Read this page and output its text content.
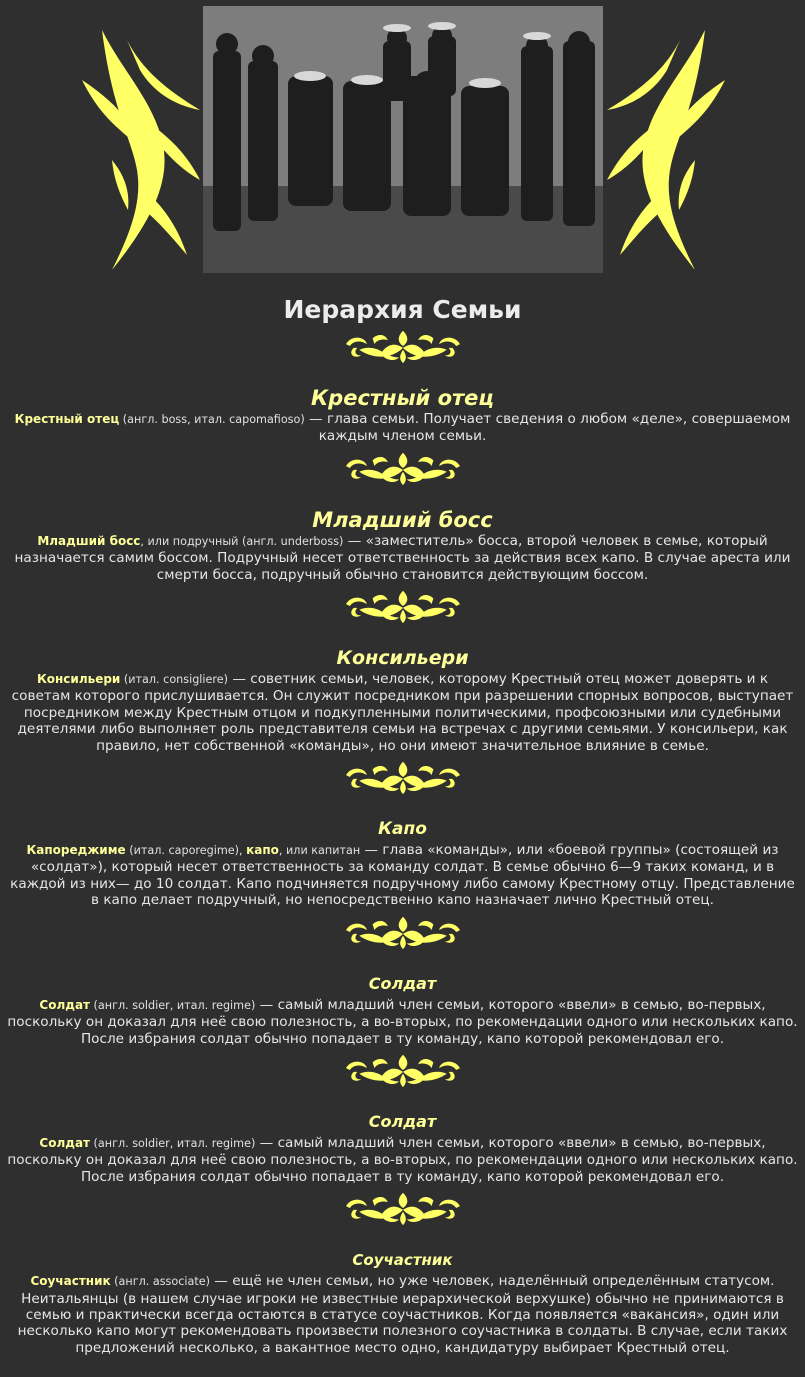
Иерархия Семьи
Крестный отец

Крестный отец (англ. boss, итал. capomafioso) — глава семьи. Получает сведения о любом «деле», совершаемом каждым членом семьи.

Младший босс

Младший босс, или подручный (англ. underboss) — «заместитель» босса, второй человек в семье, который назначается самим боссом. Подручный несет ответственность за действия всех капо. В случае ареста или смерти босса, подручный обычно становится действующим боссом.

Консильери

Консильери (итал. consigliere) — советник семьи, человек, которому Крестный отец может доверять и к советам которого прислушивается. Он служит посредником при разрешении спорных вопросов, выступает посредником между Крестным отцом и подкупленными политическими, профсоюзными или судебными деятелями либо выполняет роль представителя семьи на встречах с другими семьями. У консильери, как правило, нет собственной «команды», но они имеют значительное влияние в семье.

Капо

Капореджиме (итал. caporegime), капо, или капитан — глава «команды», или «боевой группы» (состоящей из «солдат»), который несет ответственность за команду солдат. В семье обычно 6—9 таких команд, и в каждой из них— до 10 солдат. Капо подчиняется подручному либо самому Крестному отцу. Представление в капо делает подручный, но непосредственно капо назначает лично Крестный отец.

Солдат

Солдат (англ. soldier, итал. regime) — самый младший член семьи, которого «ввели» в семью, во-первых, поскольку он доказал для неё свою полезность, а во-вторых, по рекомендации одного или нескольких капо. После избрания солдат обычно попадает в ту команду, капо которой рекомендовал его.

Солдат

Солдат (англ. soldier, итал. regime) — самый младший член семьи, которого «ввели» в семью, во-первых, поскольку он доказал для неё свою полезность, а во-вторых, по рекомендации одного или нескольких капо. После избрания солдат обычно попадает в ту команду, капо которой рекомендовал его.

Соучастник

Соучастник (англ. associate) — ещё не член семьи, но уже человек, наделённый определённым статусом. Неитальянцы (в нашем случае игроки не известные иерархической верхушке) обычно не принимаются в семью и практически всегда остаются в статусе соучастников. Когда появляется «вакансия», один или несколько капо могут рекомендовать произвести полезного соучастника в солдаты. В случае, если таких предложений несколько, а вакантное место одно, кандидатуру выбирает Крестный отец.
